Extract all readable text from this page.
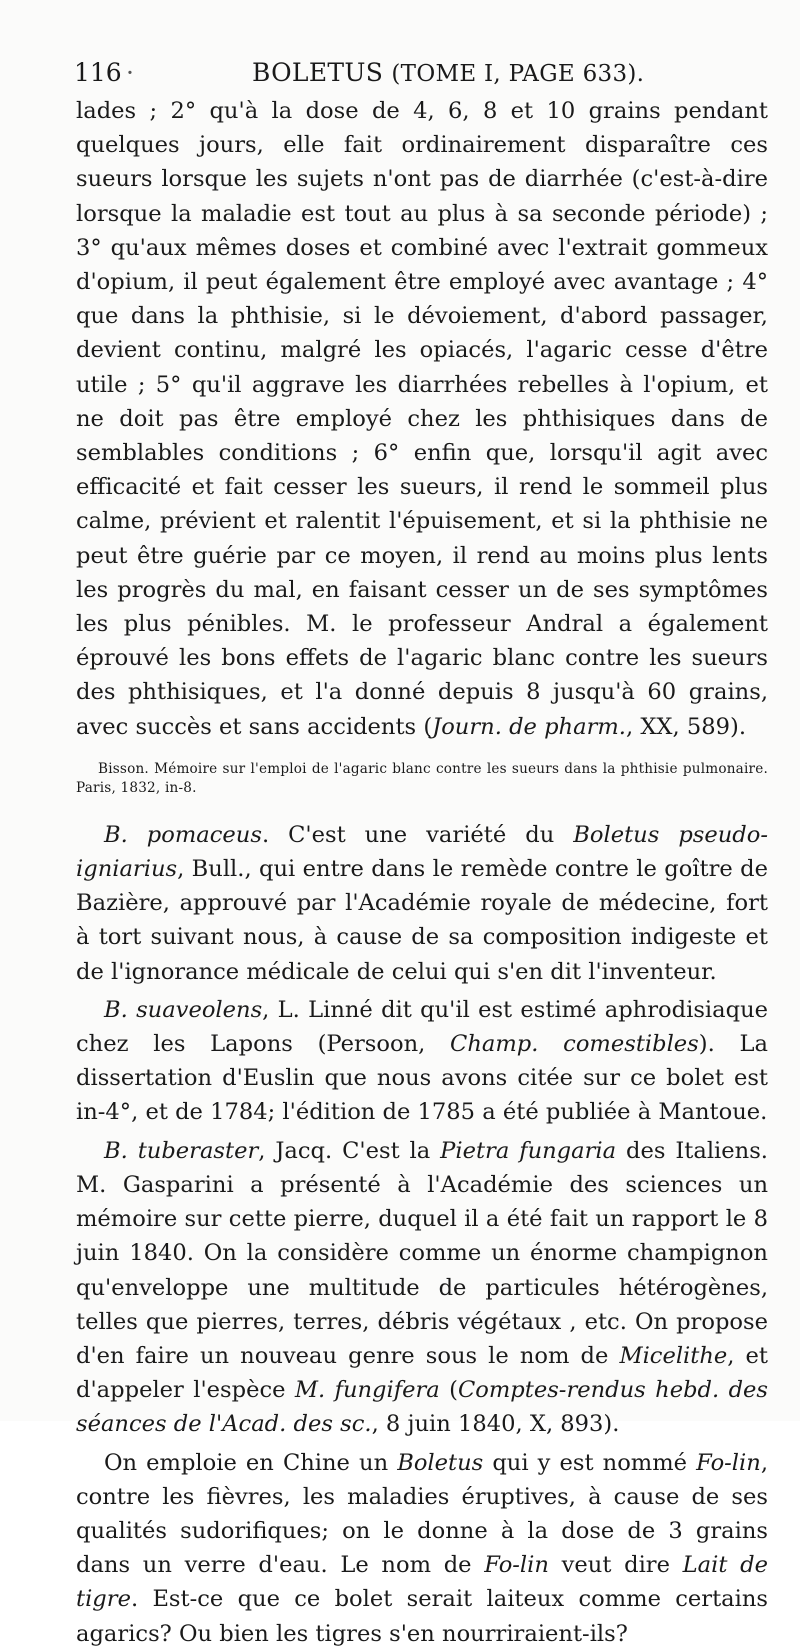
116 ·	BOLETUS (TOME I, PAGE 633).

lades ; 2° qu'à la dose de 4, 6, 8 et 10 grains pendant quelques jours, elle fait ordinairement disparaître ces sueurs lorsque les sujets n'ont pas de diarrhée (c'est-à-dire lorsque la maladie est tout au plus à sa seconde période) ; 3° qu'aux mêmes doses et combiné avec l'extrait gommeux d'opium, il peut également être employé avec avantage ; 4° que dans la phthisie, si le dévoiement, d'abord passager, devient continu, malgré les opiacés, l'agaric cesse d'être utile ; 5° qu'il aggrave les diarrhées rebelles à l'opium, et ne doit pas être employé chez les phthisiques dans de semblables conditions ; 6° enfin que, lorsqu'il agit avec efficacité et fait cesser les sueurs, il rend le sommeil plus calme, prévient et ralentit l'épuisement, et si la phthisie ne peut être guérie par ce moyen, il rend au moins plus lents les progrès du mal, en faisant cesser un de ses symptômes les plus pénibles. M. le professeur Andral a également éprouvé les bons effets de l'agaric blanc contre les sueurs des phthisiques, et l'a donné depuis 8 jusqu'à 60 grains, avec succès et sans accidents (Journ. de pharm., XX, 589).

Bisson. Mémoire sur l'emploi de l'agaric blanc contre les sueurs dans la phthisie pulmonaire. Paris, 1832, in-8.

B. pomaceus. C'est une variété du Boletus pseudo-igniarius, Bull., qui entre dans le remède contre le goître de Bazière, approuvé par l'Académie royale de médecine, fort à tort suivant nous, à cause de sa composition indigeste et de l'ignorance médicale de celui qui s'en dit l'inventeur.

B. suaveolens, L. Linné dit qu'il est estimé aphrodisiaque chez les Lapons (Persoon, Champ. comestibles). La dissertation d'Euslin que nous avons citée sur ce bolet est in-4°, et de 1784; l'édition de 1785 a été publiée à Mantoue.

B. tuberaster, Jacq. C'est la Pietra fungaria des Italiens. M. Gasparini a présenté à l'Académie des sciences un mémoire sur cette pierre, duquel il a été fait un rapport le 8 juin 1840. On la considère comme un énorme champignon qu'enveloppe une multitude de particules hétérogènes, telles que pierres, terres, débris végétaux , etc. On propose d'en faire un nouveau genre sous le nom de Micelithe, et d'appeler l'espèce M. fungifera (Comptes-rendus hebd. des séances de l'Acad. des sc., 8 juin 1840, X, 893).

On emploie en Chine un Boletus qui y est nommé Fo-lin, contre les fièvres, les maladies éruptives, à cause de ses qualités sudorifiques; on le donne à la dose de 3 grains dans un verre d'eau. Le nom de Fo-lin veut dire Lait de tigre. Est-ce que ce bolet serait laiteux comme certains agarics? Ou bien les tigres s'en nourriraient-ils?
